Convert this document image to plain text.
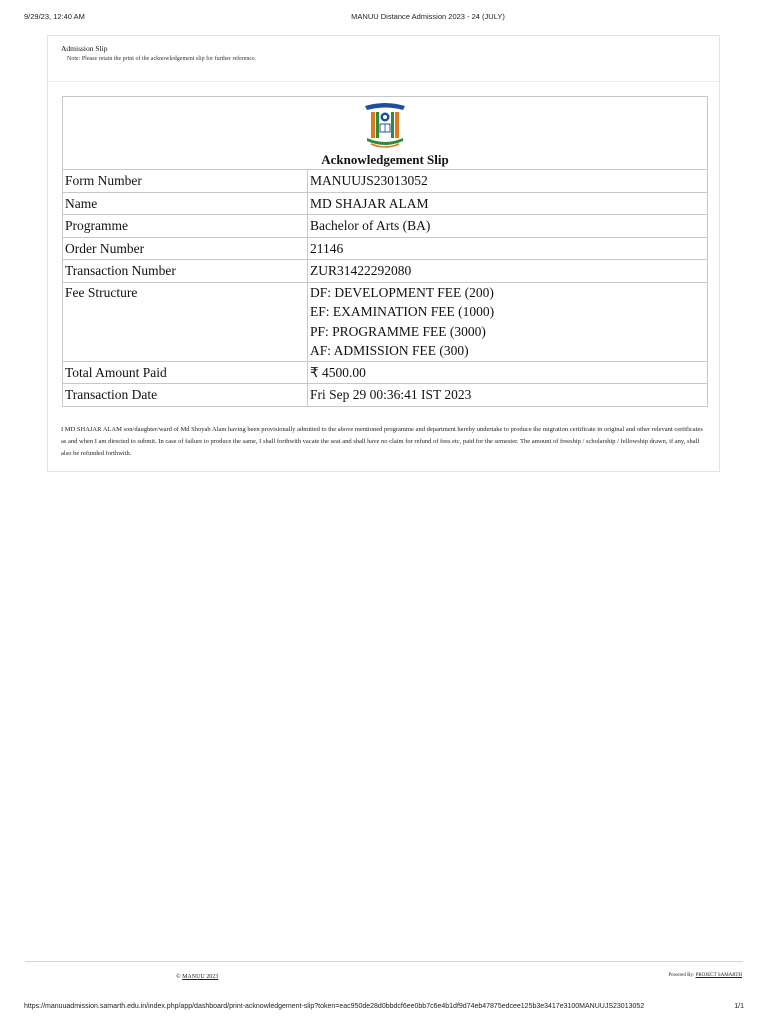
9/29/23, 12:40 AM	MANUU Distance Admission 2023 - 24 (JULY)
Admission Slip
Note: Please retain the print of the acknowledgement slip for further reference.
Acknowledgement Slip	

Form Number	MANUUJS23013052
Name	MD SHAJAR ALAM
Programme	Bachelor of Arts (BA)
Order Number	21146
Transaction Number	ZUR31422292080

Fee Structure	DF: DEVELOPMENT FEE (200)
EF: EXAMINATION FEE (1000)
PF: PROGRAMME FEE (3000)
AF: ADMISSION FEE (300)

Total Amount Paid	₹ 4500.00
Transaction Date	Fri Sep 29 00:36:41 IST 2023
I MD SHAJAR ALAM son/daughter/ward of Md Shoyab Alam having been provisionally admitted to the above mentioned programme and department hereby undertake to produce the migration certificate in original and other relevant certificates as and when I am directed to submit. In case of failure to produce the same, I shall forthwith vacate the seat and shall have no claim for refund of fees etc, paid for the semester. The amount of freeship / scholarship / fellowship drawn, if any, shall also be refunded forthwith.
© MANUU 2023	Powered By: PROJECT SAMARTH
https://manuuadmission.samarth.edu.in/index.php/app/dashboard/print-acknowledgement-slip?token=eac950de28d0bbdcf6ee0bb7c6e4b1df9d74eb47875edcee125b3e3417e3100MANUUJS23013052	1/1
